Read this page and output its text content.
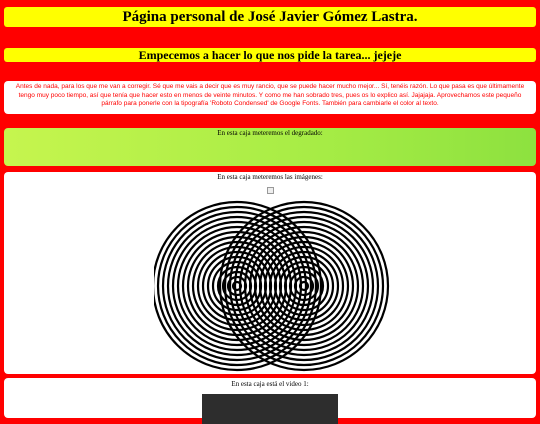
Página personal de José Javier Gómez Lastra.
Empecemos a hacer lo que nos pide la tarea... jejeje
Antes de nada, para los que me van a corregir. Sé que me vais a decir que es muy rancio, que se puede hacer mucho mejor... Sí, tenéis razón. Lo que pasa es que últimamente tengo muy poco tiempo, así que tenía que hacer esto en menos de veinte minutos. Y como me han sobrado tres, pues os lo explico así. Jajajaja. Aprovechamos este pequeño párrafo para ponerle con la tipografía 'Roboto Condensed' de Google Fonts. También para cambiarle el color al texto.
En esta caja meteremos el degradado:
En esta caja meteremos las imágenes:
En esta caja está el video 1:
